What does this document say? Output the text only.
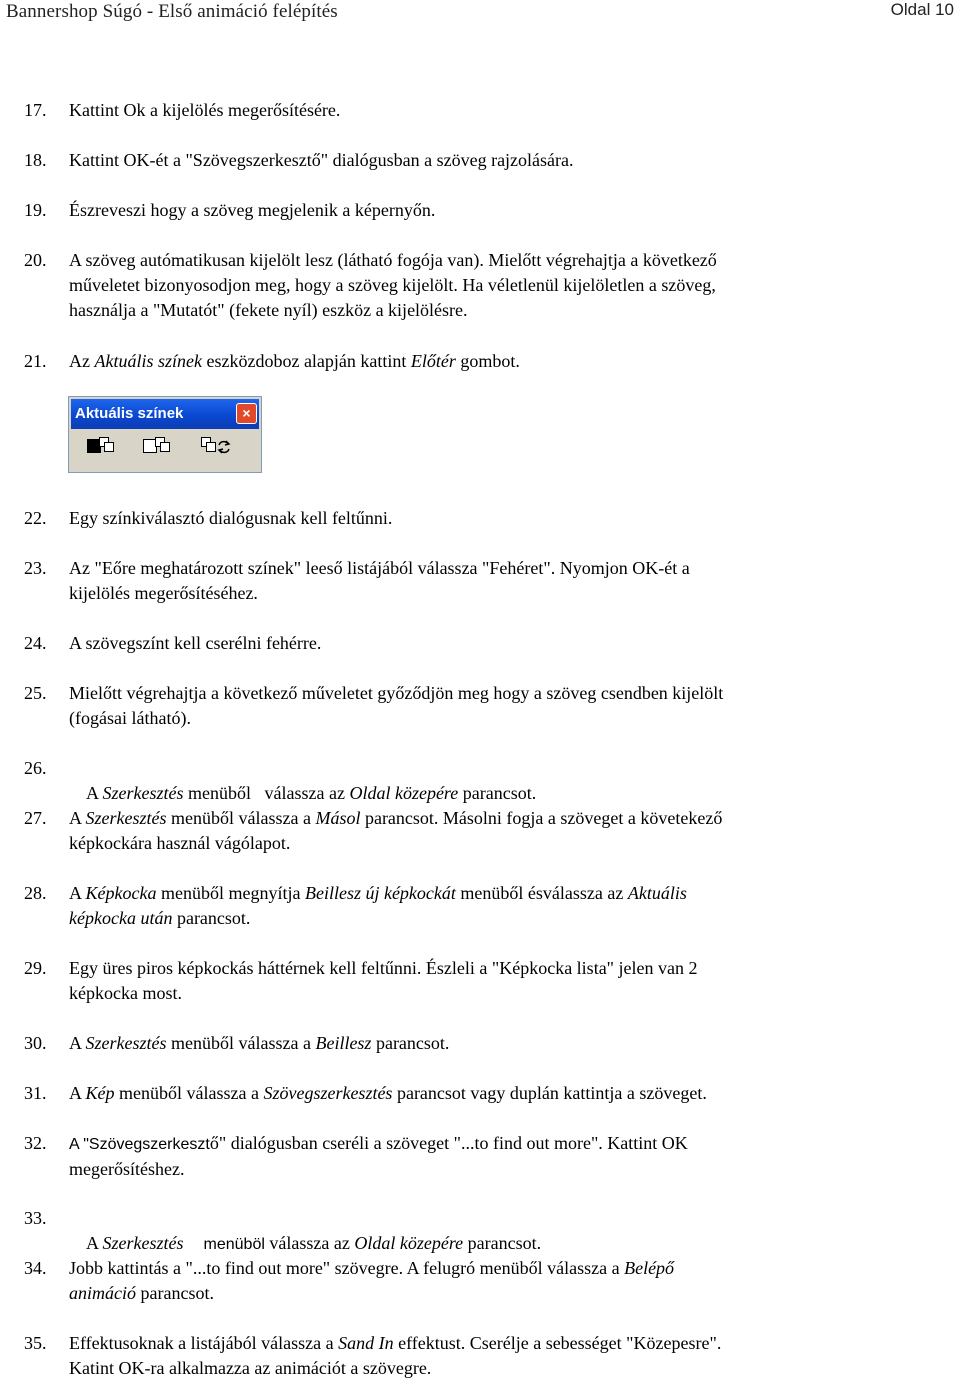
Bannershop Súgó - Első animáció felépítés	Oldal 10
17. Kattint Ok a kijelölés megerősítésére.
18. Kattint OK-ét a "Szövegszerkesztő" dialógusban a szöveg rajzolására.
19. Észreveszi hogy a szöveg megjelenik a képernyőn.
20. A szöveg autómatikusan kijelölt lesz (látható fogója van). Mielőtt végrehajtja a következő
műveletet bizonyosodjon meg, hogy a szöveg kijelölt. Ha véletlenül kijelöletlen a szöveg,
használja a "Mutatót" (fekete nyíl) eszköz a kijelölésre.
21. Az Aktuális színek eszközdoboz alapján kattint Előtér gombot.
Aktuális színek	×
22. Egy színkiválasztó dialógusnak kell feltűnni.
23. Az "Eőre meghatározott színek" leeső listájából válassza "Fehéret". Nyomjon OK-ét a
kijelölés megerősítéséhez.
24. A szövegszínt kell cserélni fehérre.
25. Mielőtt végrehajtja a következő műveletet győződjön meg hogy a szöveg csendben kijelölt
(fogásai látható).
26.

A Szerkesztés menüből   válassza az Oldal közepére parancsot.

27. A Szerkesztés menüből válassza a Másol parancsot. Másolni fogja a szöveget a követekező
képkockára használ vágólapot.
28. A Képkocka menüből megnyítja Beillesz új képkockát menüből ésválassza az Aktuális
képkocka után parancsot.
29. Egy üres piros képkockás háttérnek kell feltűnni. Észleli a "Képkocka lista" jelen van 2
képkocka most.
30. A Szerkesztés menüből válassza a Beillesz parancsot.
31. A Kép menüből válassza a Szövegszerkesztés parancsot vagy duplán kattintja a szöveget.
32. A "Szövegszerkesztő" dialógusban cseréli a szöveget "...to find out more". Kattint OK
megerősítéshez.
33.

A Szerkesztés menüböl válassza az Oldal közepére parancsot.

34. Jobb kattintás a "...to find out more" szövegre. A felugró menüből válassza a Belépő
animáció parancsot.
35. Effektusoknak a listájából válassza a Sand In effektust. Cserélje a sebességet "Közepesre".
Katint OK-ra alkalmazza az animációt a szövegre.
